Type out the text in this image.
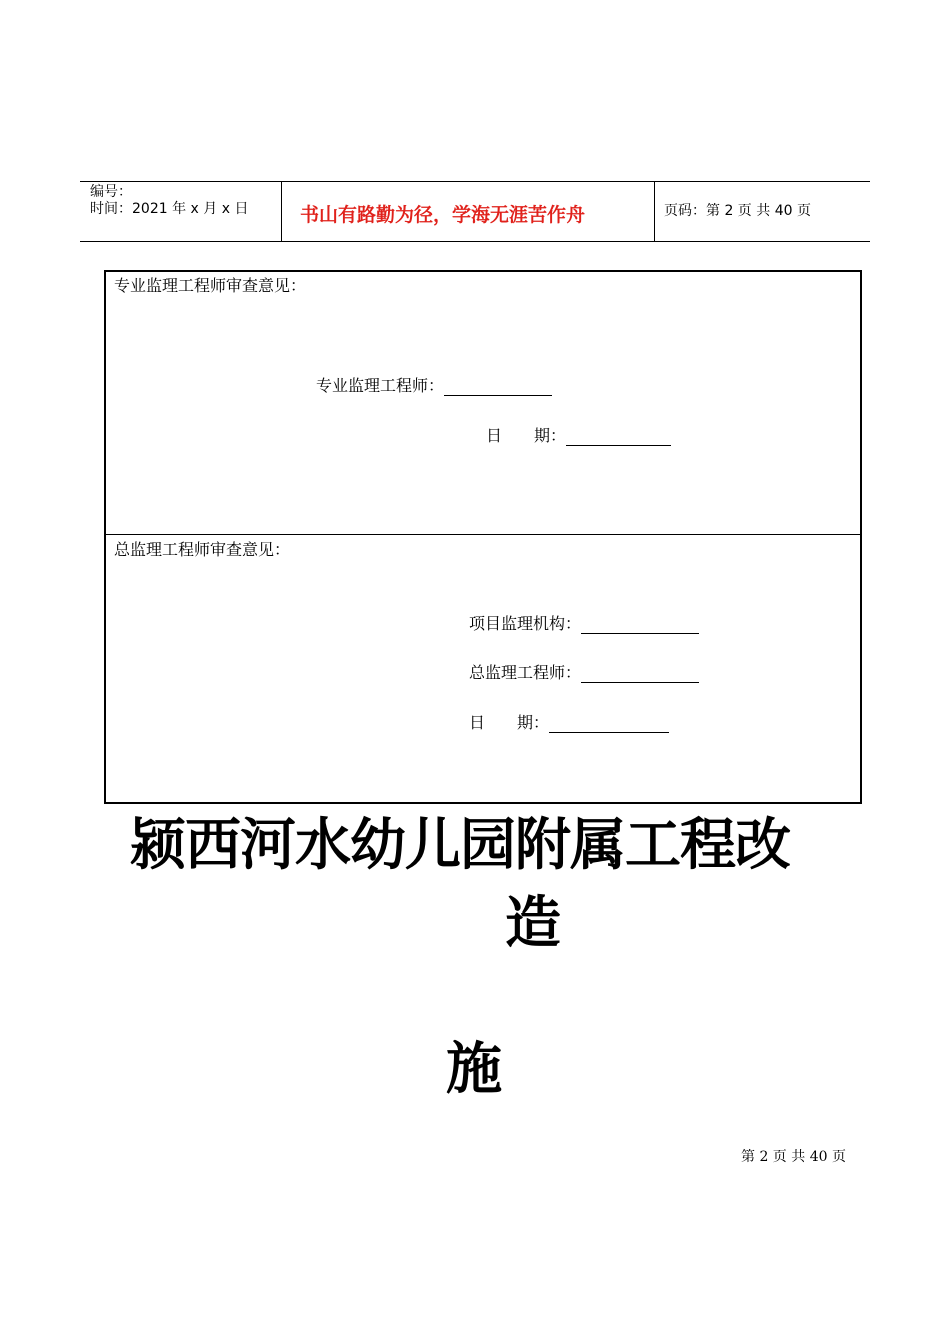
编号：
时间：2021 年 x 月 x 日	书山有路勤为径，学海无涯苦作舟	页码：第 2 页 共 40 页
专业监理工程师审查意见：
专业监理工程师：
日　　期：
总监理工程师审查意见：
项目监理机构：
总监理工程师：
日　　期：
颍西河水幼儿园附属工程改
造
施
第 2 页 共 40 页
